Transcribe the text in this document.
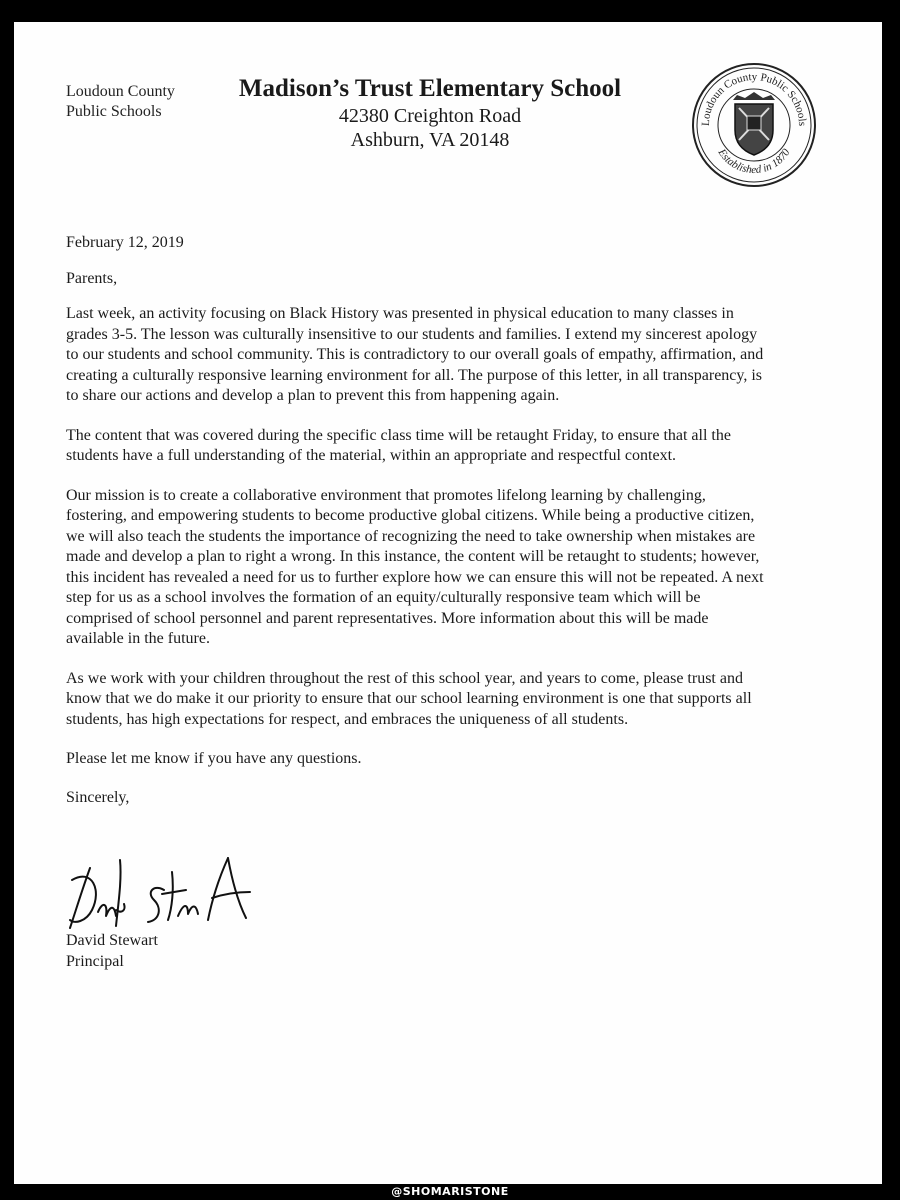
Loudoun County
Public Schools
Madison’s Trust Elementary School
42380 Creighton Road
Ashburn, VA 20148
Loudoun County Public Schools
Established in 1870

February 12, 2019

Parents,

Last week, an activity focusing on Black History was presented in physical education to many classes in grades 3-5. The lesson was culturally insensitive to our students and families. I extend my sincerest apology to our students and school community. This is contradictory to our overall goals of empathy, affirmation, and creating a culturally responsive learning environment for all. The purpose of this letter, in all transparency, is to share our actions and develop a plan to prevent this from happening again.

The content that was covered during the specific class time will be retaught Friday, to ensure that all the students have a full understanding of the material, within an appropriate and respectful context.

Our mission is to create a collaborative environment that promotes lifelong learning by challenging, fostering, and empowering students to become productive global citizens. While being a productive citizen, we will also teach the students the importance of recognizing the need to take ownership when mistakes are made and develop a plan to right a wrong. In this instance, the content will be retaught to students; however, this incident has revealed a need for us to further explore how we can ensure this will not be repeated. A next step for us as a school involves the formation of an equity/culturally responsive team which will be comprised of school personnel and parent representatives. More information about this will be made available in the future.

As we work with your children throughout the rest of this school year, and years to come, please trust and know that we do make it our priority to ensure that our school learning environment is one that supports all students, has high expectations for respect, and embraces the uniqueness of all students.

Please let me know if you have any questions.

Sincerely,

David Stewart
Principal
@SHOMARISTONE
